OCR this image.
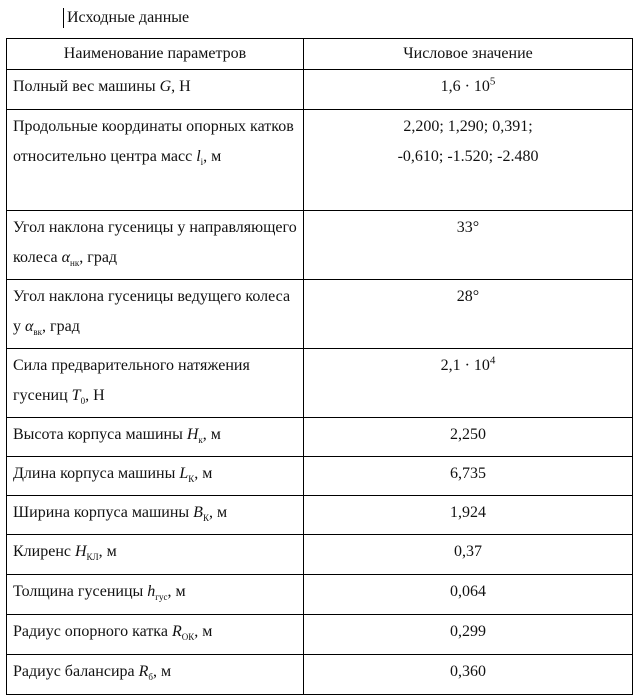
Исходные данные
Наименование параметров	Числовое значение
Полный вес машины G, Н	$1,6 \cdot 10^5$
Продольные координаты опорных катков относительно центра масс $l_i$, м	2,200; 1,290; 0,391;
-0,610; -1.520; -2.480

Угол наклона гусеницы у направляющего колеса $\alpha_{нк}$, град	33°
Угол наклона гусеницы ведущего колеса у $\alpha_{вк}$, град	28°
Сила предварительного натяжения гусениц $T_0$, Н	$2,1 \cdot 10^4$
Высота корпуса машины $H_к$, м	2,250
Длина корпуса машины $L_К$, м	6,735
Ширина корпуса машины $B_К$, м	1,924
Клиренс $H_{КЛ}$, м	0,37
Толщина гусеницы $h_{гус}$, м	0,064
Радиус опорного катка $R_{ОК}$, м	0,299
Радиус балансира $R_б$, м	0,360
